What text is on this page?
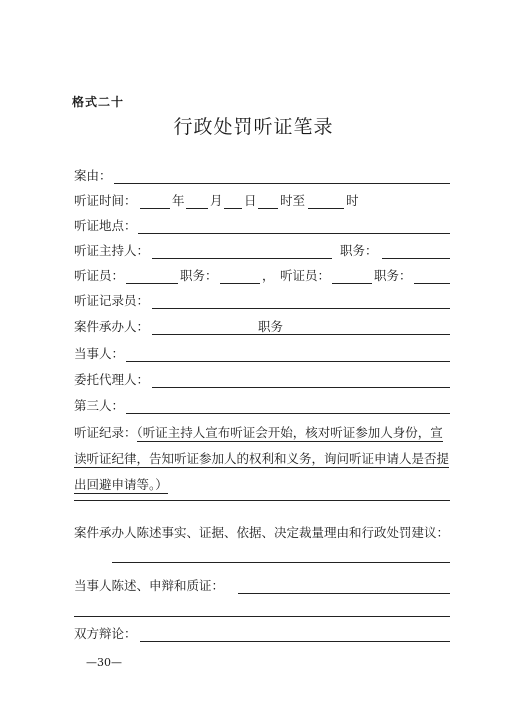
格式二十
行政处罚听证笔录
案由：
听证时间：	年 月 日 时至	时
听证地点：
听证主持人：	职务：
听证员：	职务：	， 听证员：	职务：
听证记录员：
案件承办人：	职务
当事人：
委托代理人：
第三人：
听证纪录：（听证主持人宣布听证会开始，核对听证参加人身份，宣读听证纪律，告知听证参加人的权利和义务，询问听证申请人是否提出回避申请等。）
案件承办人陈述事实、证据、依据、决定裁量理由和行政处罚建议：
当事人陈述、申辩和质证：
双方辩论：
—30—
